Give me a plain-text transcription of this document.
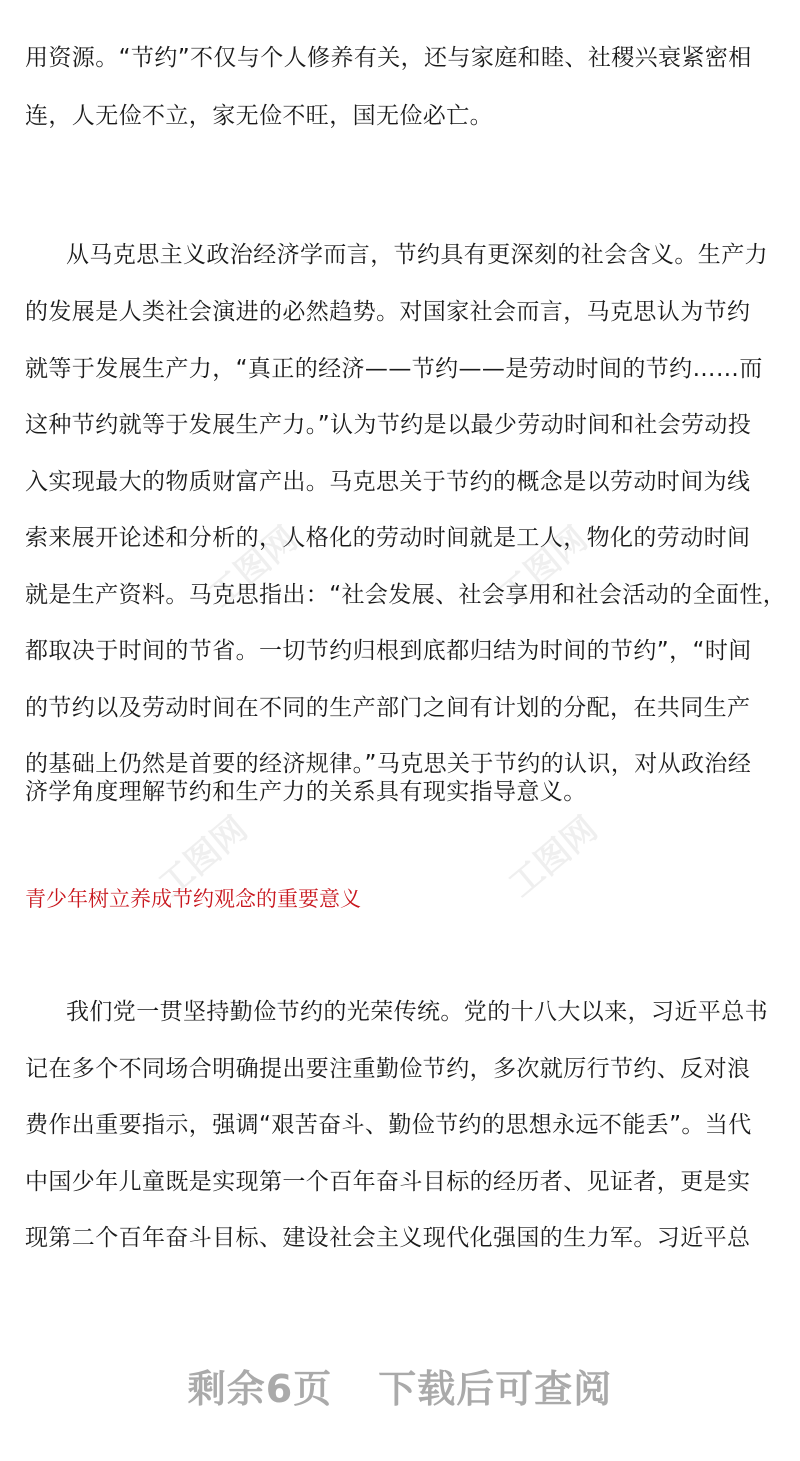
工图网	工图网
工图网	工图网
用资源。“节约”不仅与个人修养有关，还与家庭和睦、社稷兴衰紧密相
连，人无俭不立，家无俭不旺，国无俭必亡。
从马克思主义政治经济学而言，节约具有更深刻的社会含义。生产力
的发展是人类社会演进的必然趋势。对国家社会而言，马克思认为节约
就等于发展生产力，“真正的经济——节约——是劳动时间的节约……而
这种节约就等于发展生产力。”认为节约是以最少劳动时间和社会劳动投
入实现最大的物质财富产出。马克思关于节约的概念是以劳动时间为线
索来展开论述和分析的，人格化的劳动时间就是工人，物化的劳动时间
就是生产资料。马克思指出：“社会发展、社会享用和社会活动的全面性，
都取决于时间的节省。一切节约归根到底都归结为时间的节约”，“时间
的节约以及劳动时间在不同的生产部门之间有计划的分配，在共同生产
的基础上仍然是首要的经济规律。”马克思关于节约的认识，对从政治经
济学角度理解节约和生产力的关系具有现实指导意义。
青少年树立养成节约观念的重要意义
我们党一贯坚持勤俭节约的光荣传统。党的十八大以来，习近平总书
记在多个不同场合明确提出要注重勤俭节约，多次就厉行节约、反对浪
费作出重要指示，强调“艰苦奋斗、勤俭节约的思想永远不能丢”。当代
中国少年儿童既是实现第一个百年奋斗目标的经历者、见证者，更是实
现第二个百年奋斗目标、建设社会主义现代化强国的生力军。习近平总
剩余6页 下载后可查阅
